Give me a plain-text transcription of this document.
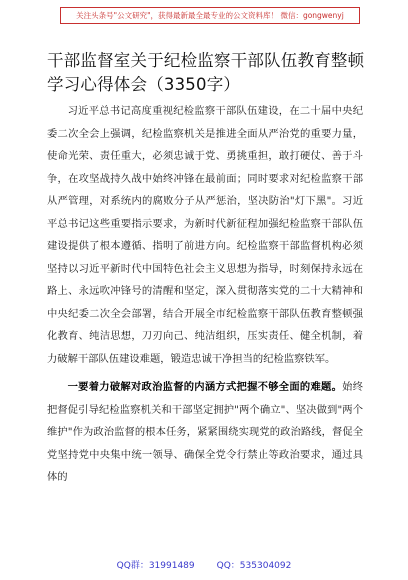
关注头条号"公文研究"，获得最新最全最专业的公文资料库！ 微信：gongwenyj
干部监督室关于纪检监察干部队伍教育整顿学习心得体会（3350字）

习近平总书记高度重视纪检监察干部队伍建设，在二十届中央纪委二次全会上强调，纪检监察机关是推进全面从严治党的重要力量，使命光荣、责任重大，必须忠诚于党、勇挑重担，敢打硬仗、善于斗争，在攻坚战持久战中始终冲锋在最前面；同时要求对纪检监察干部从严管理，对系统内的腐败分子从严惩治，坚决防治"灯下黑"。习近平总书记这些重要指示要求，为新时代新征程加强纪检监察干部队伍建设提供了根本遵循、指明了前进方向。纪检监察干部监督机构必须坚持以习近平新时代中国特色社会主义思想为指导，时刻保持永远在路上、永远吹冲锋号的清醒和坚定，深入贯彻落实党的二十大精神和中央纪委二次全会部署，结合开展全市纪检监察干部队伍教育整顿强化教育、纯洁思想，刀刃向己、纯洁组织，压实责任、健全机制，着力破解干部队伍建设难题，锻造忠诚干净担当的纪检监察铁军。

一要着力破解对政治监督的内涵方式把握不够全面的难题。始终把督促引导纪检监察机关和干部坚定拥护"两个确立"、坚决做到"两个维护"作为政治监督的根本任务，紧紧围绕实现党的政治路线，督促全党坚持党中央集中统一领导、确保全党令行禁止等政治要求，通过具体的

QQ群：31991489 QQ：535304092
